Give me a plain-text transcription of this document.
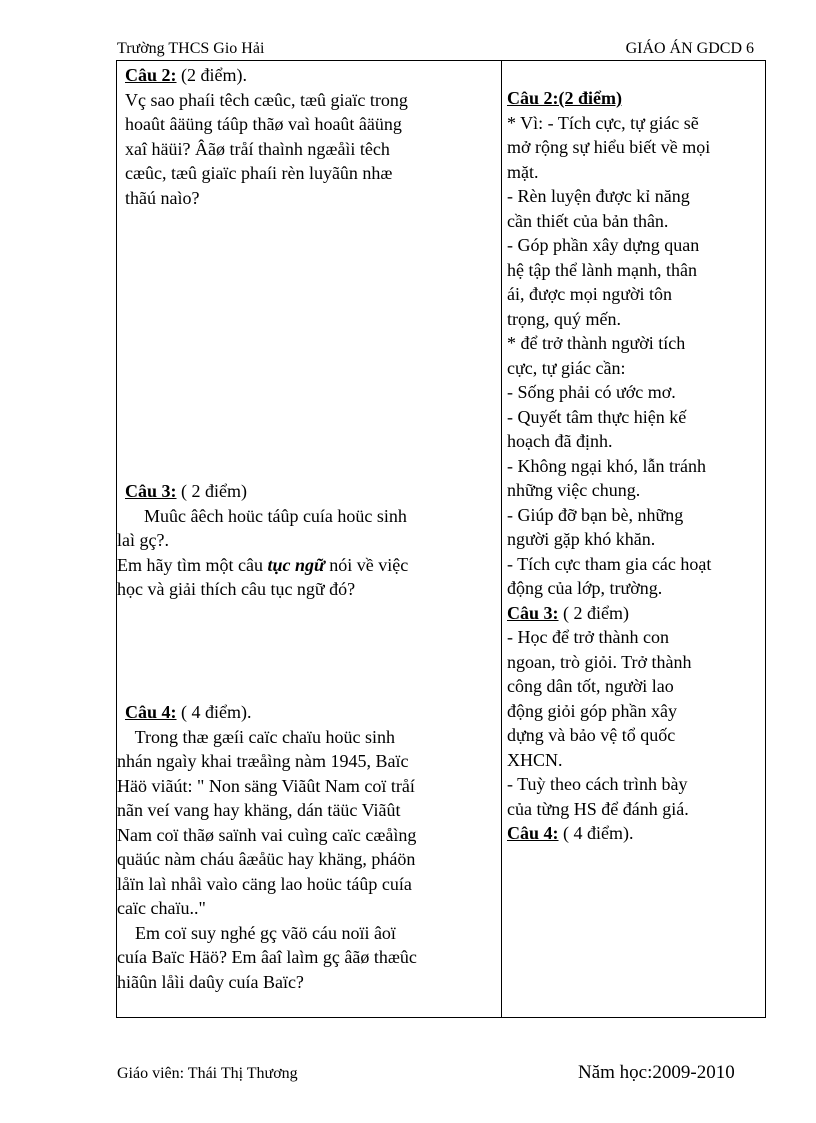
Trường THCS Gio Hải	GIÁO ÁN GDCD 6
Câu 2: (2 điểm).
Vç sao phaíi têch cæûc, tæû giaïc trong
hoaût âäüng táûp thãø vaì hoaût âäüng
xaî häüi? Âãø tråí thaình ngæåìi têch
cæûc, tæû giaïc phaíi rèn luyãûn nhæ
thãú naìo?
Câu 3: ( 2 điểm)
Muûc âêch hoüc táûp cuía hoüc sinh
laì gç?.
Em hãy tìm một câu tục ngữ nói về việc
học và giải thích câu tục ngữ đó?
Câu 4: ( 4 điểm).
Trong thæ gæíi caïc chaïu hoüc sinh
nhán ngaìy khai træåìng nàm 1945, Baïc
Häö viãút: " Non säng Viãût Nam coï tråí
nãn veí vang hay khäng, dán täüc Viãût
Nam coï thãø saïnh vai cuìng caïc cæåìng
quäúc nàm cháu âæåüc hay khäng, pháön
låïn laì nhåì vaìo cäng lao hoüc táûp cuía
caïc chaïu.."
Em coï suy nghé gç vãö cáu noïi âoï
cuía Baïc Häö? Em âaî laìm gç âãø thæûc
hiãûn låìi daûy cuía Baïc?
Câu 2:(2 điểm)
* Vì: - Tích cực, tự giác sẽ
mở rộng sự hiểu biết về mọi
mặt.
- Rèn luyện được kỉ năng
cần thiết của bản thân.
- Góp phần xây dựng quan
hệ tập thể lành mạnh, thân
ái, được mọi người tôn
trọng, quý mến.
* để trở thành người tích
cực, tự giác cần:
- Sống phải có ước mơ.
- Quyết tâm thực hiện kế
hoạch đã định.
- Không ngại khó, lẫn tránh
những việc chung.
- Giúp đỡ bạn bè, những
người gặp khó khăn.
- Tích cực tham gia các hoạt
động của lớp, trường.
Câu 3: ( 2 điểm)
- Học để trở thành con
ngoan, trò giỏi. Trở thành
công dân tốt, người lao
động giỏi góp phần xây
dựng và bảo vệ tổ quốc
XHCN.
- Tuỳ theo cách trình bày
của từng HS để đánh giá.
Câu 4: ( 4 điểm).
Giáo viên: Thái Thị Thương	Năm học:2009-2010
